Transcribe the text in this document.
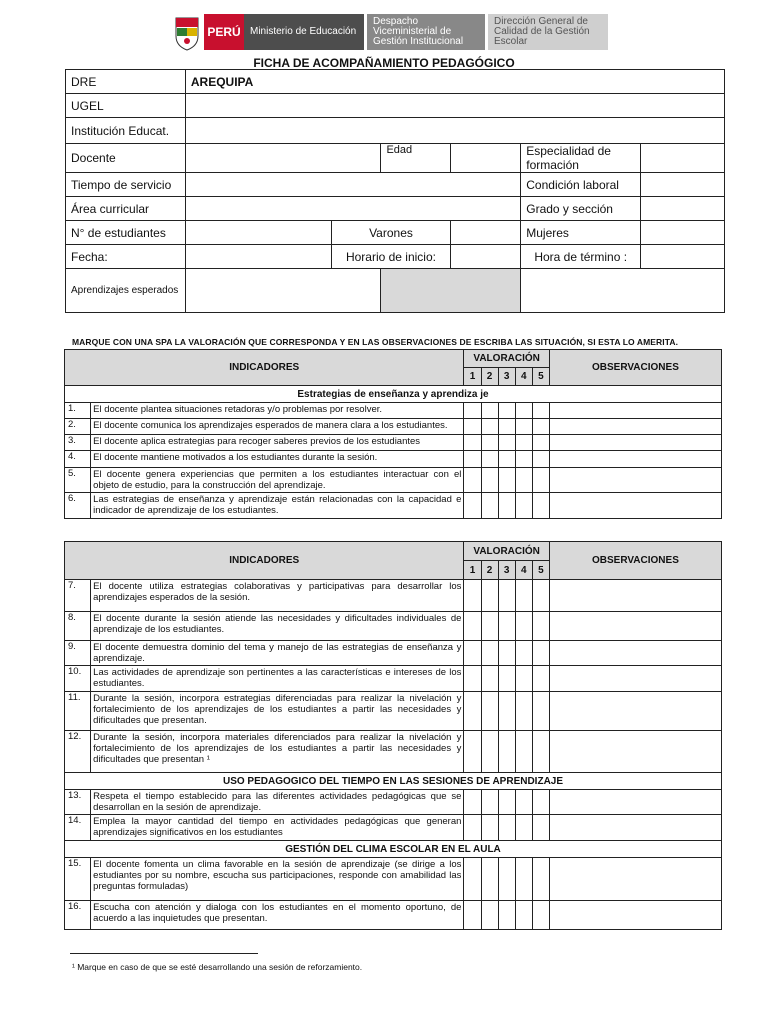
PERÚ Ministerio de Educación
Despacho Viceministerial de Gestión Institucional
Dirección General de Calidad de la Gestión Escolar
FICHA DE ACOMPAÑAMIENTO PEDAGÓGICO
DRE	AREQUIPA					
UGEL						
Institución Educat.						
Docente			Edad		Especialidad de formación	
Tiempo de servicio					Condición laboral	
Área curricular					Grado y sección	
N° de estudiantes		Varones			Mujeres	
Fecha:		Horario de inicio:			Hora de término :	
Aprendizajes esperados						
MARQUE CON UNA SPA LA VALORACIÓN QUE CORRESPONDA Y EN LAS OBSERVACIONES DE ESCRIBA LAS SITUACIÓN, SI ESTA LO AMERITA.
INDICADORES		VALORACIÓN					OBSERVACIONES
		1	2	3	4	5	
Estrategias de enseñanza y aprendiza je							
1.	El docente plantea situaciones retadoras y/o problemas por resolver.						
2.	El docente comunica los aprendizajes esperados de manera clara a los estudiantes.						
3.	El docente aplica estrategias para recoger saberes previos de los estudiantes						
4.	El docente mantiene motivados a los estudiantes durante la sesión.						
5.	El docente genera experiencias que permiten a los estudiantes interactuar con el objeto de estudio, para la construcción del aprendizaje.						
6.	Las estrategias de enseñanza y aprendizaje están relacionadas con la capacidad e indicador de aprendizaje de los estudiantes.						
INDICADORES		VALORACIÓN					OBSERVACIONES
		1	2	3	4	5	
7.	El docente utiliza estrategias colaborativas y participativas para desarrollar los aprendizajes esperados de la sesión.						
8.	El docente durante la sesión atiende las necesidades y dificultades individuales de aprendizaje de los estudiantes.						
9.	El docente demuestra dominio del tema y manejo de las estrategias de enseñanza y aprendizaje.						
10.	Las actividades de aprendizaje son pertinentes a las características e intereses de los estudiantes.						
11.	Durante la sesión, incorpora estrategias diferenciadas para realizar la nivelación y fortalecimiento de los aprendizajes de los estudiantes a partir las necesidades y dificultades que presentan.						
12.	Durante la sesión, incorpora materiales diferenciados para realizar la nivelación y fortalecimiento de los aprendizajes de los estudiantes a partir las necesidades y dificultades que presentan ¹						
USO PEDAGOGICO DEL TIEMPO EN LAS SESIONES DE APRENDIZAJE							
13.	Respeta el tiempo establecido para las diferentes actividades pedagógicas que se desarrollan en la sesión de aprendizaje.						
14.	Emplea la mayor cantidad del tiempo en actividades pedagógicas que generan aprendizajes significativos en los estudiantes						
GESTIÓN DEL CLIMA ESCOLAR EN EL AULA							
15.	El docente fomenta un clima favorable en la sesión de aprendizaje (se dirige a los estudiantes por su nombre, escucha sus participaciones, responde con amabilidad las preguntas formuladas)						
16.	Escucha con atención y dialoga con los estudiantes en el momento oportuno, de acuerdo a las inquietudes que presentan.						
¹ Marque en caso de que se esté desarrollando una sesión de reforzamiento.
